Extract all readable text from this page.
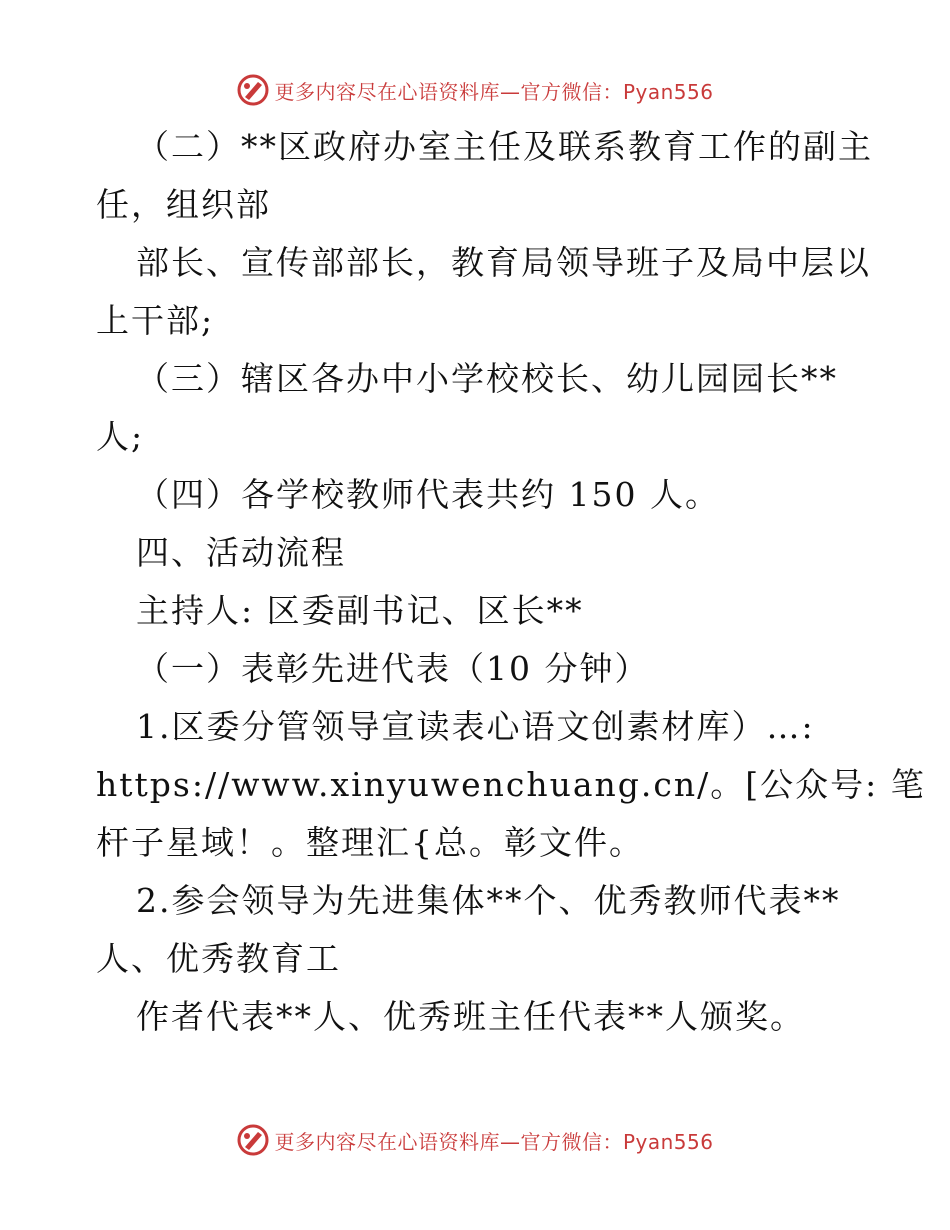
更多内容尽在心语资料库—官方微信：Pyan556
（二）**区政府办室主任及联系教育工作的副主
任，组织部
部长、宣传部部长，教育局领导班子及局中层以
上干部;
（三）辖区各办中小学校校长、幼儿园园长**
人;
（四）各学校教师代表共约 150 人。
四、活动流程
主持人: 区委副书记、区长**
（一）表彰先进代表（10 分钟）
1.区委分管领导宣读表心语文创素材库）…:
https://www.xinyuwenchuang.cn/。[公众号: 笔
杆子星域！。整理汇{总。彰文件。
2.参会领导为先进集体**个、优秀教师代表**
人、优秀教育工
作者代表**人、优秀班主任代表**人颁奖。
更多内容尽在心语资料库—官方微信：Pyan556
